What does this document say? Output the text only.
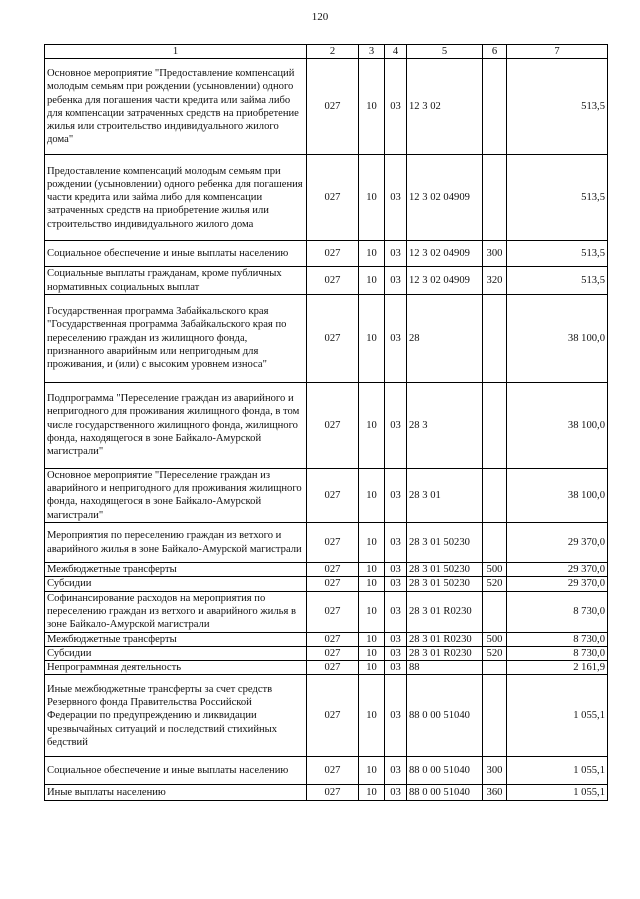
120
1	2	3	4	5	6	7
Основное мероприятие "Предоставление компенсаций молодым семьям при рождении (усыновлении) одного ребенка для погашения части кредита или займа либо для компенсации затраченных средств на приобретение жилья или строительство индивидуального жилого дома"	027	10	03	12 3 02		513,5
Предоставление компенсаций молодым семьям при рождении (усыновлении) одного ребенка для погашения части кредита или займа либо для компенсации затраченных средств на приобретение жилья или строительство индивидуального жилого дома	027	10	03	12 3 02 04909		513,5
Социальное обеспечение и иные выплаты населению	027	10	03	12 3 02 04909	300	513,5
Социальные выплаты гражданам, кроме публичных нормативных социальных выплат	027	10	03	12 3 02 04909	320	513,5
Государственная программа Забайкальского края "Государственная программа Забайкальского края по переселению граждан из жилищного фонда, признанного аварийным или непригодным для проживания, и (или) с высоким уровнем износа"	027	10	03	28		38 100,0
Подпрограмма "Переселение граждан из аварийного и непригодного для проживания жилищного фонда, в том числе государственного жилищного фонда, жилищного фонда, находящегося в зоне Байкало-Амурской магистрали"	027	10	03	28 3		38 100,0
Основное мероприятие "Переселение граждан из аварийного и непригодного для проживания жилищного фонда, находящегося в зоне Байкало-Амурской магистрали"	027	10	03	28 3 01		38 100,0
Мероприятия по переселению граждан из ветхого и аварийного жилья в зоне Байкало-Амурской магистрали	027	10	03	28 3 01 50230		29 370,0
Межбюджетные трансферты	027	10	03	28 3 01 50230	500	29 370,0
Субсидии	027	10	03	28 3 01 50230	520	29 370,0
Софинансирование расходов на мероприятия по переселению граждан из ветхого и аварийного жилья в зоне Байкало-Амурской магистрали	027	10	03	28 3 01 R0230		8 730,0
Межбюджетные трансферты	027	10	03	28 3 01 R0230	500	8 730,0
Субсидии	027	10	03	28 3 01 R0230	520	8 730,0
Непрограммная деятельность	027	10	03	88		2 161,9
Иные межбюджетные трансферты за счет средств Резервного фонда Правительства Российской Федерации по предупреждению и ликвидации чрезвычайных ситуаций и последствий стихийных бедствий	027	10	03	88 0 00 51040		1 055,1
Социальное обеспечение и иные выплаты населению	027	10	03	88 0 00 51040	300	1 055,1
Иные выплаты населению	027	10	03	88 0 00 51040	360	1 055,1
